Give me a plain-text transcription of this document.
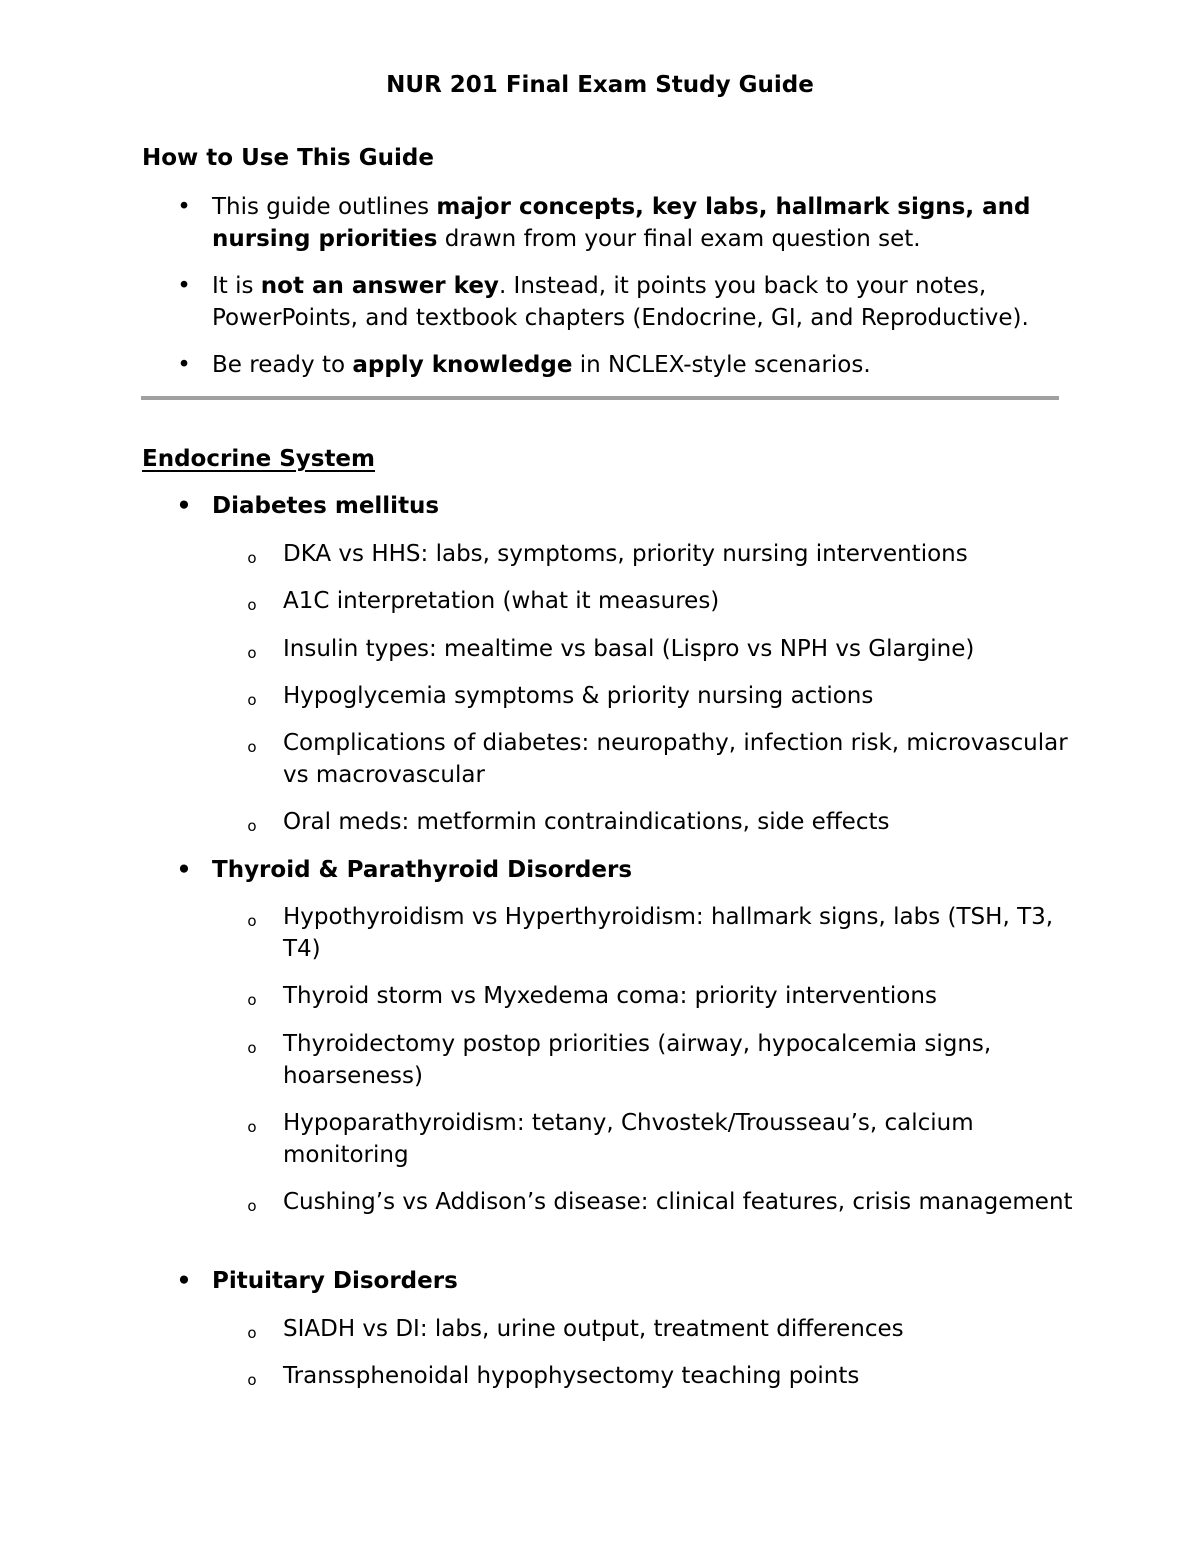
NUR 201 Final Exam Study Guide
How to Use This Guide
• This guide outlines major concepts, key labs, hallmark signs, and nursing priorities drawn from your final exam question set.
• It is not an answer key. Instead, it points you back to your notes, PowerPoints, and textbook chapters (Endocrine, GI, and Reproductive).
• Be ready to apply knowledge in NCLEX-style scenarios.
Endocrine System
• Diabetes mellitus
o DKA vs HHS: labs, symptoms, priority nursing interventions
o A1C interpretation (what it measures)
o Insulin types: mealtime vs basal (Lispro vs NPH vs Glargine)
o Hypoglycemia symptoms & priority nursing actions
o Complications of diabetes: neuropathy, infection risk, microvascular vs macrovascular
o Oral meds: metformin contraindications, side effects
• Thyroid & Parathyroid Disorders
o Hypothyroidism vs Hyperthyroidism: hallmark signs, labs (TSH, T3, T4)
o Thyroid storm vs Myxedema coma: priority interventions
o Thyroidectomy postop priorities (airway, hypocalcemia signs, hoarseness)
o Hypoparathyroidism: tetany, Chvostek/Trousseau’s, calcium monitoring
o Cushing’s vs Addison’s disease: clinical features, crisis management
• Pituitary Disorders
o SIADH vs DI: labs, urine output, treatment differences
o Transsphenoidal hypophysectomy teaching points
